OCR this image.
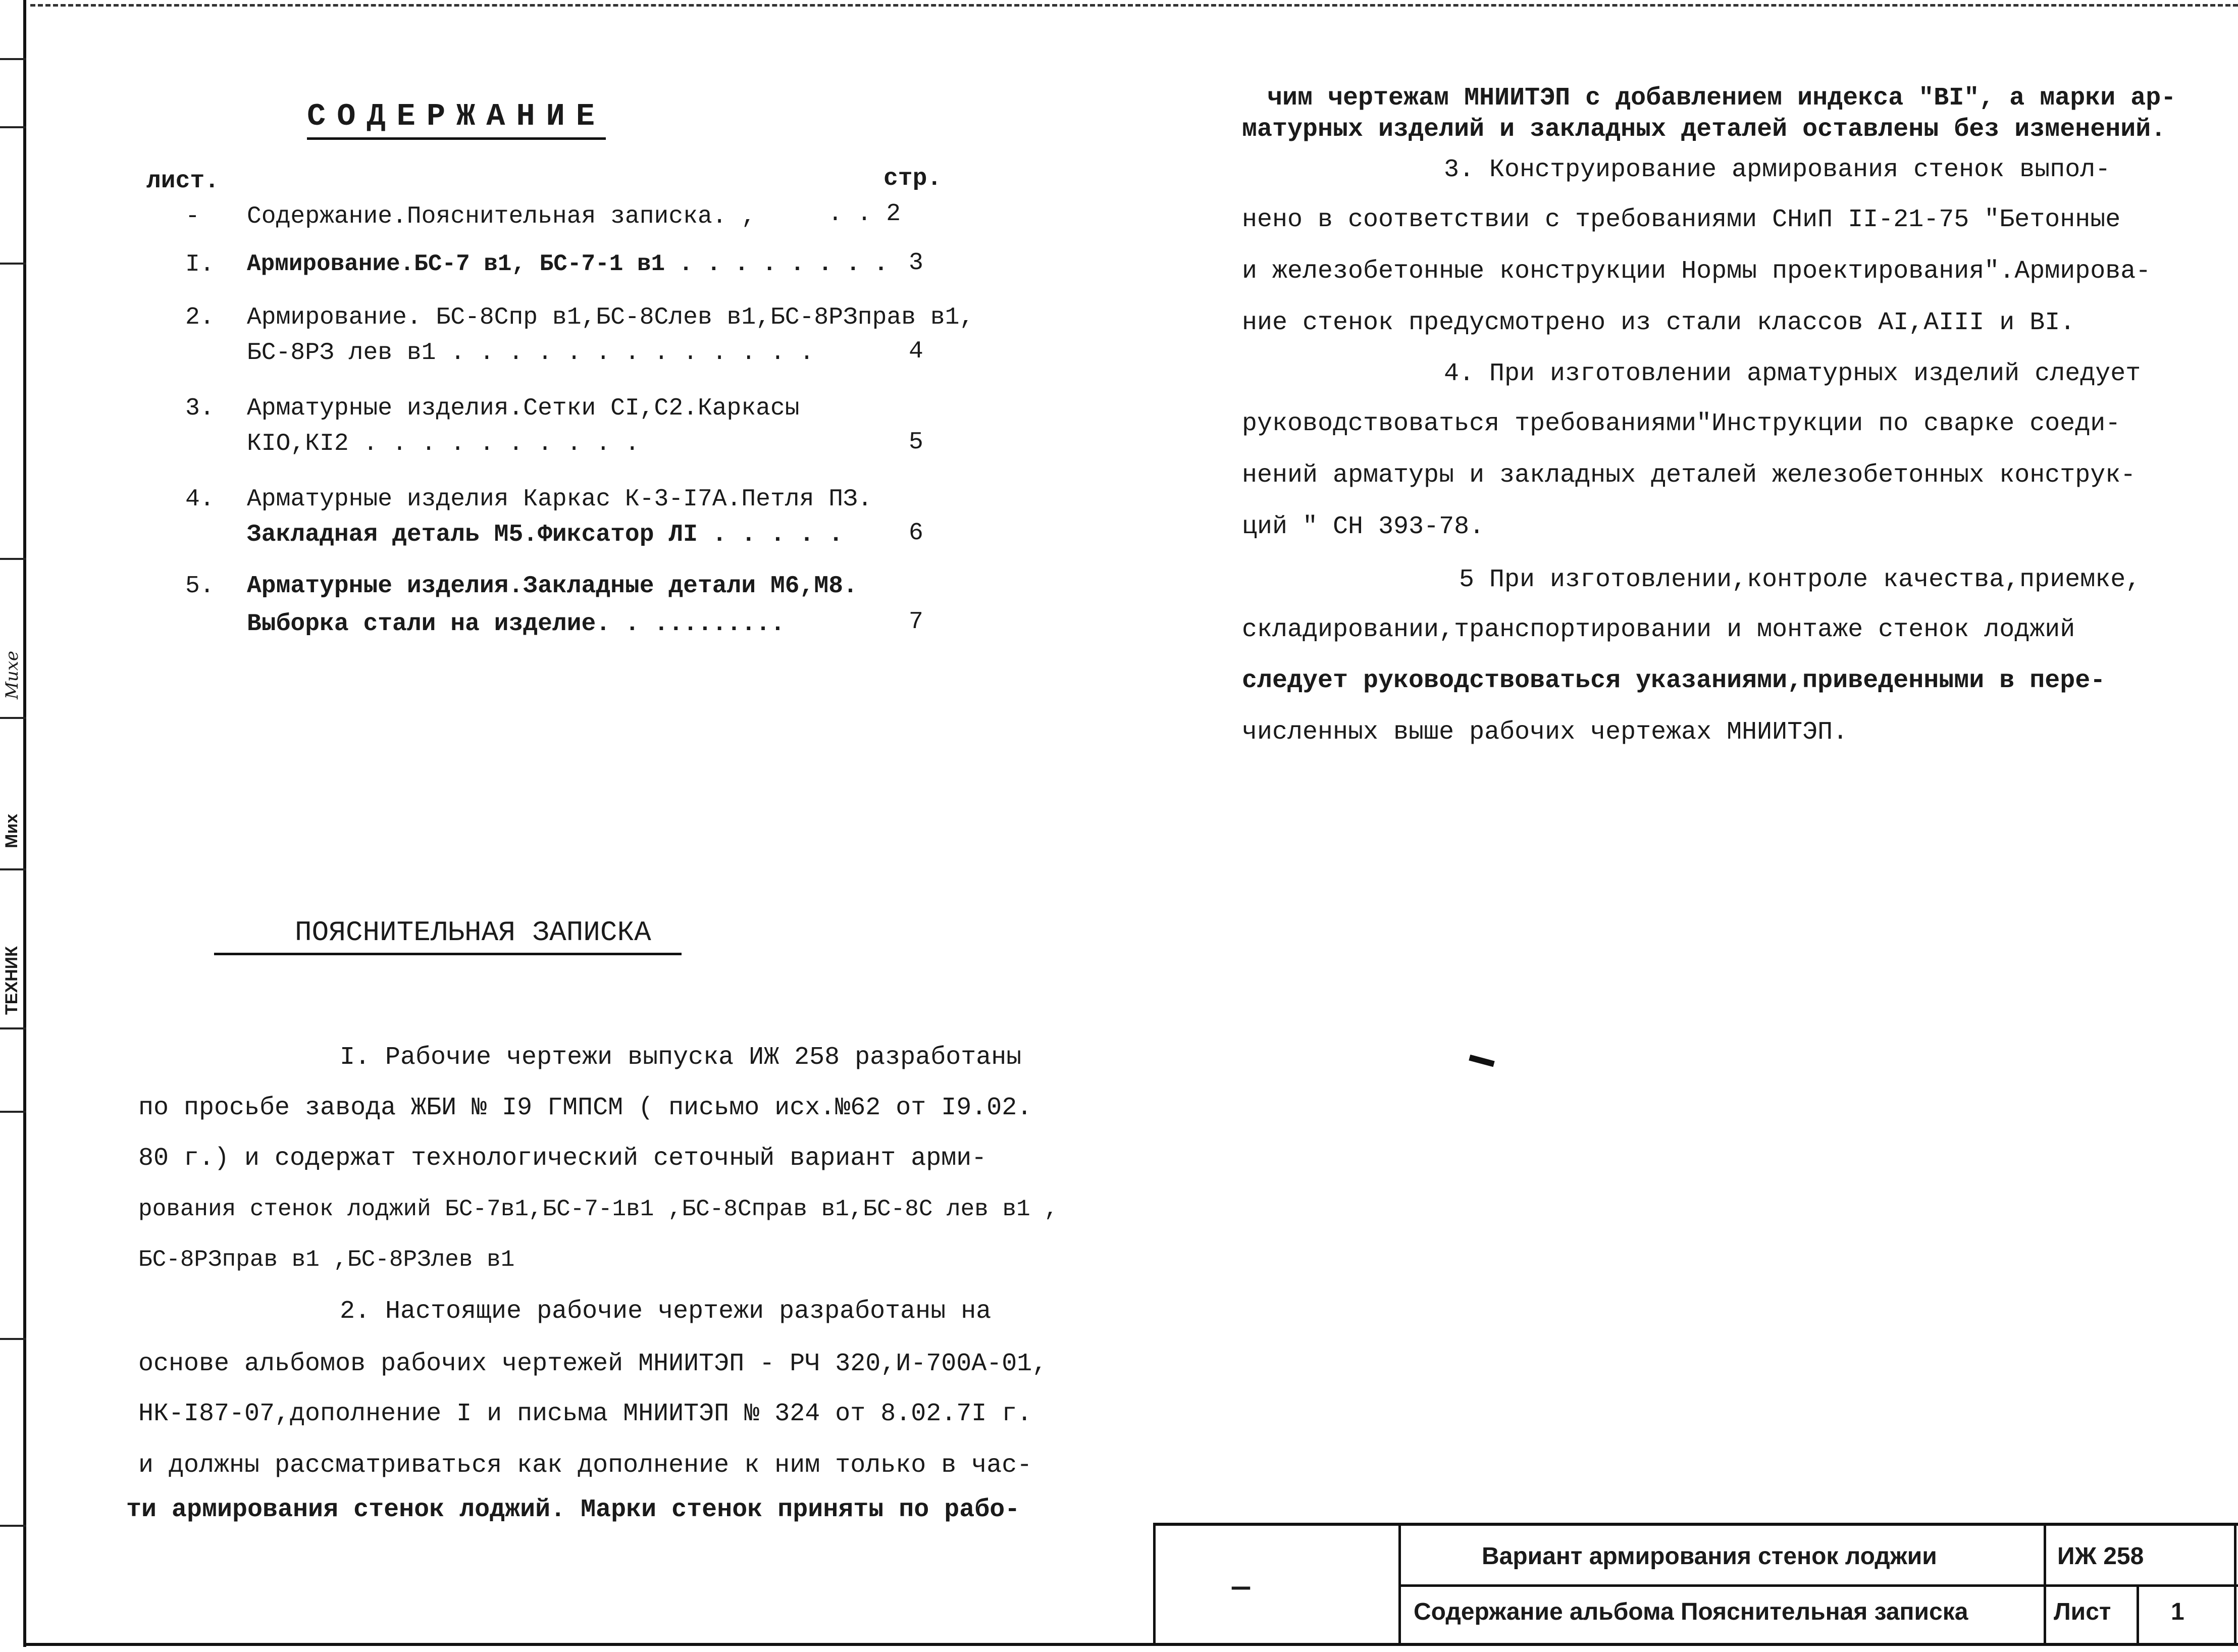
ТЕХНИК
Мих
Михе
СОДЕРЖАНИЕ
лист.	стр.
- Содержание.Пояснительная записка. ,	. . 2
I. Армирование.БС-7 в1, БС-7-1 в1 . . . . . . . . 3
2. Армирование. БС-8Спр в1,БС-8Слев в1,БС-8РЗправ в1,
БС-8РЗ лев в1 . . . . . . . . . . . . .	4
3. Арматурные изделия.Сетки СI,С2.Каркасы
КIО,КI2 . . . . . . . . . .	5
4. Арматурные изделия Каркас К-3-I7А.Петля ПЗ.
Закладная деталь М5.Фиксатор ЛI . . . . .	6
5. Арматурные изделия.Закладные детали М6,М8.
Выборка стали на изделие. . .........	7
ПОЯСНИТЕЛЬНАЯ ЗАПИСКА
I. Рабочие чертежи выпуска ИЖ 258 разработаны
по просьбе завода ЖБИ № I9 ГМПСМ ( письмо исх.№62 от I9.02.
80 г.) и содержат технологический сеточный вариант арми-
рования стенок лоджий БС-7в1,БС-7-1в1 ,БС-8Справ в1,БС-8С лев в1 ,
БС-8РЗправ в1 ,БС-8РЗлев в1
2. Настоящие рабочие чертежи разработаны на
основе альбомов рабочих чертежей МНИИТЭП - РЧ 320,И-700А-01,
НК-I87-07,дополнение I и письма МНИИТЭП № 324 от 8.02.7I г.
и должны рассматриваться как дополнение к ним только в час-
ти армирования стенок лоджий. Марки стенок приняты по рабо-
чим чертежам МНИИТЭП с добавлением индекса "ВI", а марки ар-
матурных изделий и закладных деталей оставлены без изменений.
3. Конструирование армирования стенок выпол-
нено в соответствии с требованиями СНиП II-21-75 "Бетонные
и железобетонные конструкции Нормы проектирования".Армирова-
ние стенок предусмотрено из стали классов АI,АIII и ВI.
4. При изготовлении арматурных изделий следует
руководствоваться требованиями"Инструкции по сварке соеди-
нений арматуры и закладных деталей железобетонных конструк-
ций " СН 393-78.
5 При изготовлении,контроле качества,приемке,
складировании,транспортировании и монтаже стенок лоджий
следует руководствоваться указаниями,приведенными в пере-
численных выше рабочих чертежах МНИИТЭП.
—
Вариант армирования стенок лоджии	ИЖ 258
Содержание альбома Пояснительная записка	Лист 1
